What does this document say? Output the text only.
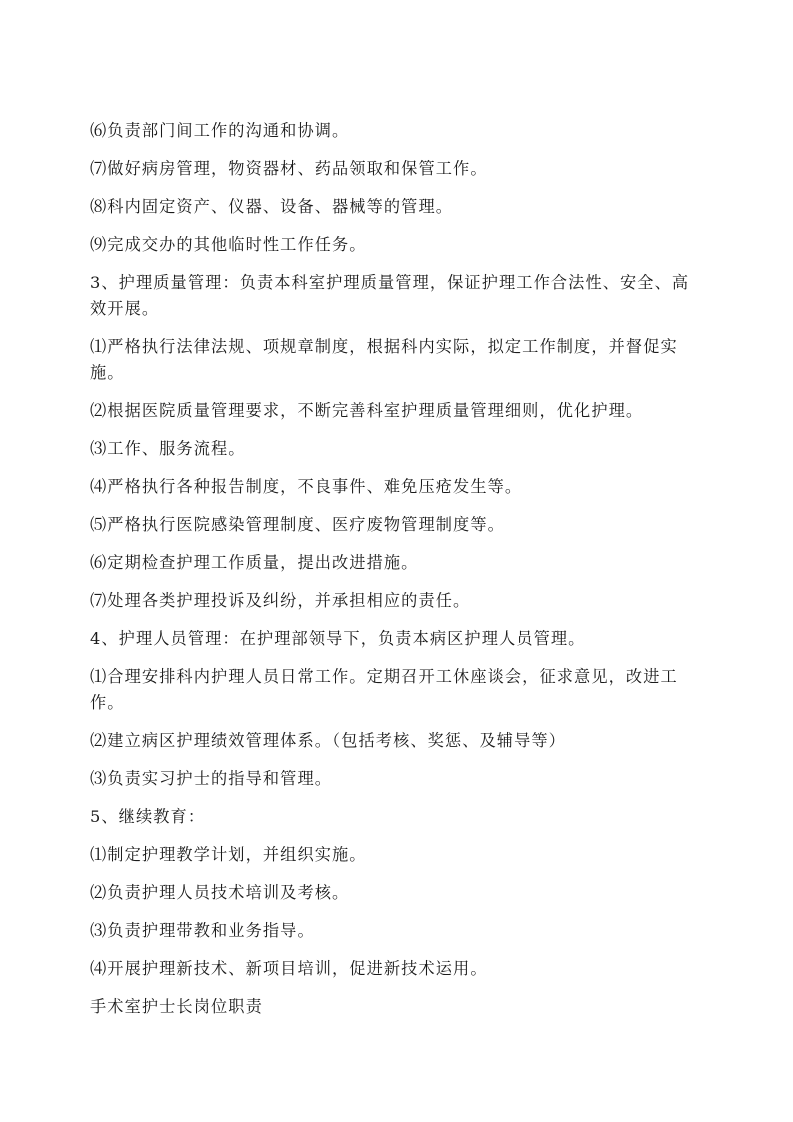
⑹负责部门间工作的沟通和协调。

⑺做好病房管理，物资器材、药品领取和保管工作。

⑻科内固定资产、仪器、设备、器械等的管理。

⑼完成交办的其他临时性工作任务。

3、护理质量管理：负责本科室护理质量管理，保证护理工作合法性、安全、高效开展。

⑴严格执行法律法规、项规章制度，根据科内实际，拟定工作制度，并督促实施。

⑵根据医院质量管理要求，不断完善科室护理质量管理细则，优化护理。

⑶工作、服务流程。

⑷严格执行各种报告制度，不良事件、难免压疮发生等。

⑸严格执行医院感染管理制度、医疗废物管理制度等。

⑹定期检查护理工作质量，提出改进措施。

⑺处理各类护理投诉及纠纷，并承担相应的责任。

4、护理人员管理：在护理部领导下，负责本病区护理人员管理。

⑴合理安排科内护理人员日常工作。定期召开工休座谈会，征求意见，改进工作。

⑵建立病区护理绩效管理体系。（包括考核、奖惩、及辅导等）

⑶负责实习护士的指导和管理。

5、继续教育：

⑴制定护理教学计划，并组织实施。

⑵负责护理人员技术培训及考核。

⑶负责护理带教和业务指导。

⑷开展护理新技术、新项目培训，促进新技术运用。

手术室护士长岗位职责
